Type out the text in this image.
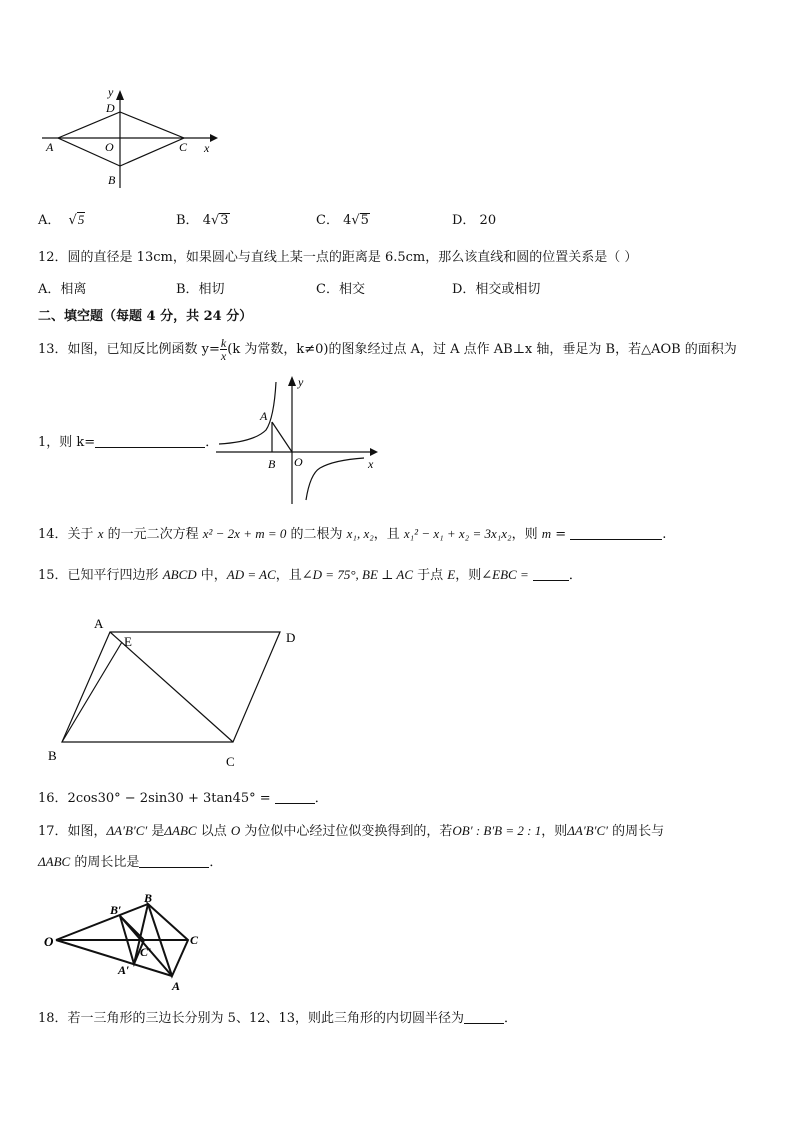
y
x
D
A	O	C
B
A． √5	B． 4√3	C． 4√5	D． 20
12．圆的直径是 13cm，如果圆心与直线上某一点的距离是 6.5cm，那么该直线和圆的位置关系是（ ）
A．相离	B．相切	C．相交	D．相交或相切
二、填空题（每题 4 分，共 24 分）
13．如图，已知反比例函数 $y= \frac{k}{x} (k$ 为常数，k≠0)的图象经过点 A，过 A 点作 AB⊥x 轴，垂足为 B，若△AOB 的面积为
1，则 k=	．
A
B O	x
y
14．关于 x 的一元二次方程 x² − 2x + m = 0 的二根为 x₁, x₂，且 x₁² − x₁ + x₂ = 3x₁x₂，则 m =	.
15．已知平行四边形 ABCD 中，AD = AC，且∠D = 75°, BE ⊥ AC 于点 E，则∠EBC =	．
A
E	D
B	C
16．2cos30° − 2sin30 + 3tan45° =	．
17．如图，ΔA′B′C′ 是ΔABC 以点 O 为位似中心经过位似变换得到的，若OB′ : B′B = 2 : 1，则ΔA′B′C′ 的周长与
ΔABC 的周长比是	．
O
B′
B
C
C′
A′
A
18．若一三角形的三边长分别为 5、12、13，则此三角形的内切圆半径为	．
